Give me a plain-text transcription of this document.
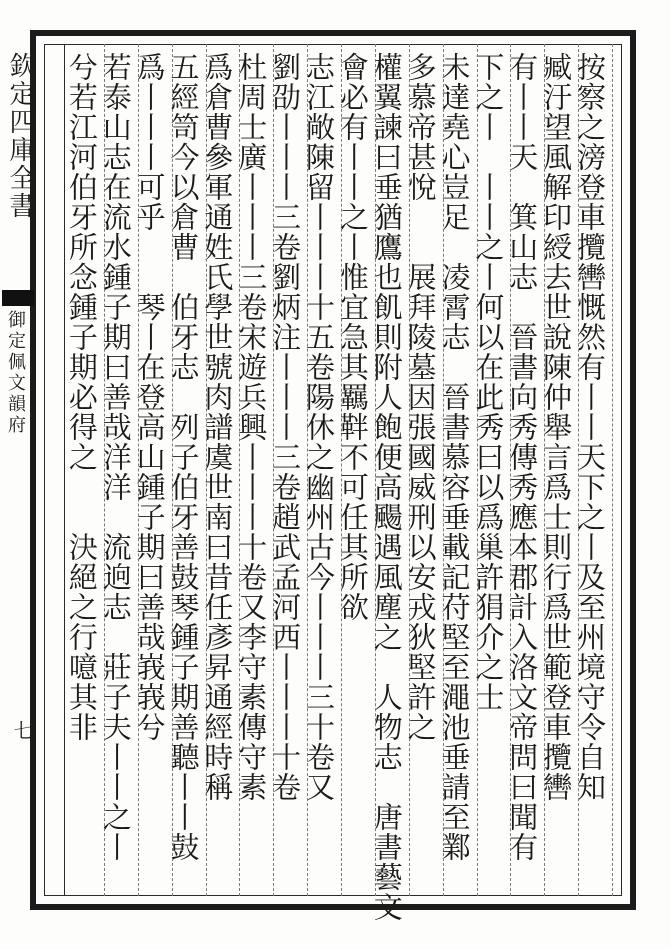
欽定四庫全書
御定佩文韻府
七	按察之滂登車攬轡慨然有丨丨天下之丨及至州境守令自知
臧汙望風解印綬去世說陳仲舉言爲士則行爲世範登車攬轡
有丨丨天　箕山志　晉書向秀傳秀應本郡計入洛文帝問曰聞有
下之丨　丨丨之丨何以在此秀曰以爲巢許狷介之士
未達堯心豈足　凌霄志　晉書慕容垂載記苻堅至澠池垂請至鄴
多慕帝甚悅　　展拜陵墓因張國威刑以安戎狄堅許之
權翼諫曰垂猶鷹也飢則附人飽便高颺遇風塵之　人物志　唐書藝文
會必有丨丨之丨惟宜急其羈靽不可任其所欲
志江敞陳留丨丨丨十五卷陽休之幽州古今丨丨丨三十卷又
劉劭丨丨丨三卷劉炳注丨丨丨三卷趙武孟河西丨丨丨十卷
杜周士廣丨丨丨三卷宋遊兵興丨丨丨十卷又李守素傳守素
爲倉曹參軍通姓氏學世號肉譜虞世南曰昔任彥昇通經時稱
五經笥今以倉曹　伯牙志　列子伯牙善鼓琴鍾子期善聽丨丨鼓
爲丨丨丨可乎　　琴丨在登高山鍾子期曰善哉峩峩兮
若泰山志在流水鍾子期曰善哉洋洋　流逈志　莊子夫丨丨之丨
兮若江河伯牙所念鍾子期必得之　　決絕之行噫其非
